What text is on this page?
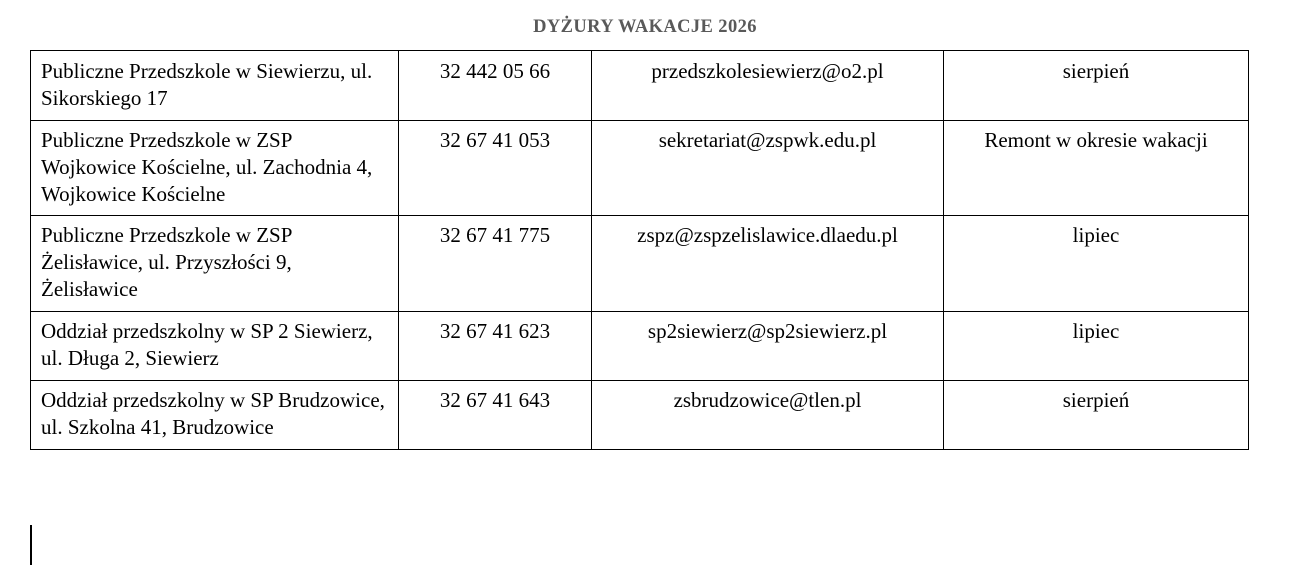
DYŻURY WAKACJE 2026
Publiczne Przedszkole w Siewierzu, ul. Sikorskiego 17	32 442 05 66	przedszkolesiewierz@o2.pl	sierpień
Publiczne Przedszkole w ZSP Wojkowice Kościelne, ul. Zachodnia 4, Wojkowice Kościelne	32 67 41 053	sekretariat@zspwk.edu.pl	Remont w okresie wakacji
Publiczne Przedszkole w ZSP Żelisławice, ul. Przyszłości 9, Żelisławice	32 67 41 775	zspz@zspzelislawice.dlaedu.pl	lipiec
Oddział przedszkolny w SP 2 Siewierz, ul. Długa 2, Siewierz	32 67 41 623	sp2siewierz@sp2siewierz.pl	lipiec
Oddział przedszkolny w SP Brudzowice, ul. Szkolna 41, Brudzowice	32 67 41 643	zsbrudzowice@tlen.pl	sierpień
